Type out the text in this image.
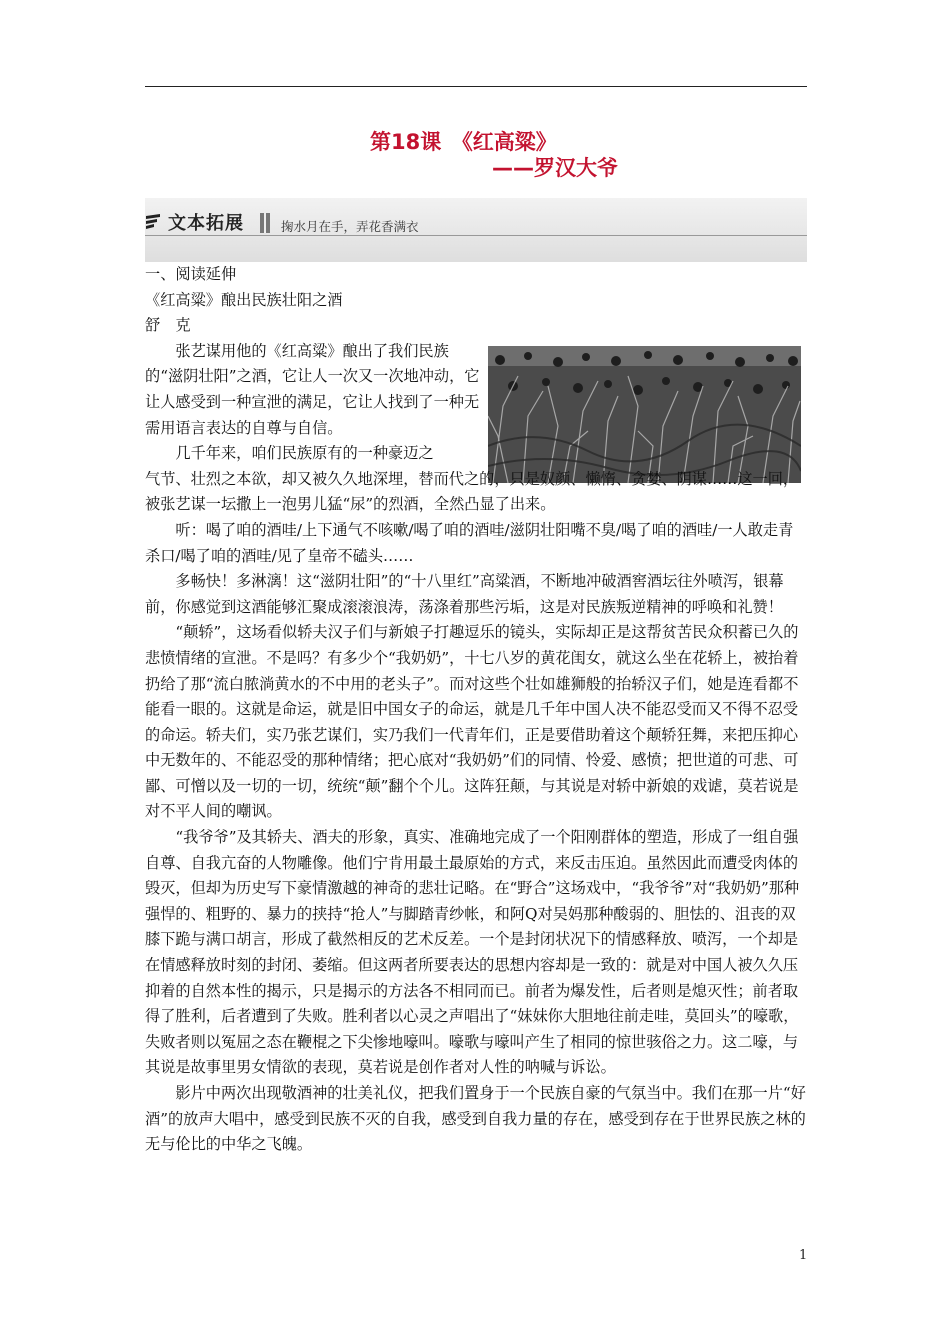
第18课　《红高粱》
——罗汉大爷
文本拓展	掬水月在手，弄花香满衣

一、阅读延伸

《红高粱》酿出民族壮阳之酒

舒　克

张艺谋用他的《红高粱》酿出了我们民族的“滋阴壮阳”之酒，它让人一次又一次地冲动，它让人感受到一种宣泄的满足，它让人找到了一种无需用语言表达的自尊与自信。

几千年来，咱们民族原有的一种豪迈之

气节、壮烈之本欲，却又被久久地深埋，替而代之的，只是奴颜、懒惰、贪婪、阴谋……这一回，被张艺谋一坛撒上一泡男儿猛“尿”的烈酒，全然凸显了出来。

听：喝了咱的酒哇/上下通气不咳嗽/喝了咱的酒哇/滋阴壮阳嘴不臭/喝了咱的酒哇/一人敢走青杀口/喝了咱的酒哇/见了皇帝不磕头……

多畅快！多淋漓！这“滋阴壮阳”的“十八里红”高粱酒，不断地冲破酒窖酒坛往外喷泻，银幕前，你感觉到这酒能够汇聚成滚滚浪涛，荡涤着那些污垢，这是对民族叛逆精神的呼唤和礼赞！

“颠轿”，这场看似轿夫汉子们与新娘子打趣逗乐的镜头，实际却正是这帮贫苦民众积蓄已久的悲愤情绪的宣泄。不是吗？有多少个“我奶奶”，十七八岁的黄花闺女，就这么坐在花轿上，被抬着扔给了那“流白脓淌黄水的不中用的老头子”。而对这些个壮如雄狮般的抬轿汉子们，她是连看都不能看一眼的。这就是命运，就是旧中国女子的命运，就是几千年中国人决不能忍受而又不得不忍受的命运。轿夫们，实乃张艺谋们，实乃我们一代青年们，正是要借助着这个颠轿狂舞，来把压抑心中无数年的、不能忍受的那种情绪；把心底对“我奶奶”们的同情、怜爱、感愤；把世道的可悲、可鄙、可憎以及一切的一切，统统“颠”翻个个儿。这阵狂颠，与其说是对轿中新娘的戏谑，莫若说是对不平人间的嘲讽。

“我爷爷”及其轿夫、酒夫的形象，真实、准确地完成了一个阳刚群体的塑造，形成了一组自强自尊、自我亢奋的人物雕像。他们宁肯用最土最原始的方式，来反击压迫。虽然因此而遭受肉体的毁灭，但却为历史写下豪情激越的神奇的悲壮记略。在“野合”这场戏中，“我爷爷”对“我奶奶”那种强悍的、粗野的、暴力的挟持“抢人”与脚踏青纱帐，和阿Q对吴妈那种酸弱的、胆怯的、沮丧的双膝下跪与满口胡言，形成了截然相反的艺术反差。一个是封闭状况下的情感释放、喷泻，一个却是在情感释放时刻的封闭、萎缩。但这两者所要表达的思想内容却是一致的：就是对中国人被久久压抑着的自然本性的揭示，只是揭示的方法各不相同而已。前者为爆发性，后者则是熄灭性；前者取得了胜利，后者遭到了失败。胜利者以心灵之声唱出了“妹妹你大胆地往前走哇，莫回头”的嚎歌，失败者则以冤屈之态在鞭棍之下尖惨地嚎叫。嚎歌与嚎叫产生了相同的惊世骇俗之力。这二嚎，与其说是故事里男女情欲的表现，莫若说是创作者对人性的呐喊与诉讼。

影片中两次出现敬酒神的壮美礼仪，把我们置身于一个民族自豪的气氛当中。我们在那一片“好酒”的放声大唱中，感受到民族不灭的自我，感受到自我力量的存在，感受到存在于世界民族之林的无与伦比的中华之飞魄。

1
